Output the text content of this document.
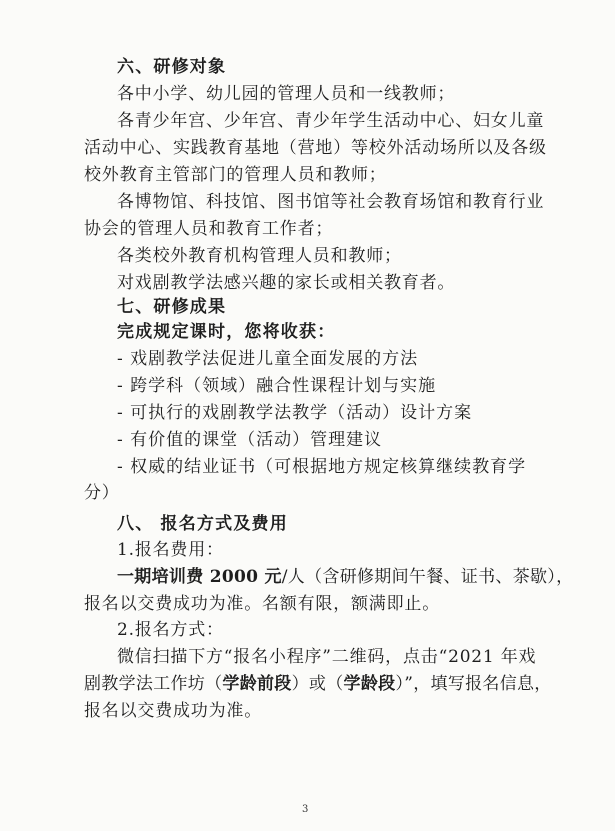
六、研修对象
各中小学、幼儿园的管理人员和一线教师；
各青少年宫、少年宫、青少年学生活动中心、妇女儿童
活动中心、实践教育基地（营地）等校外活动场所以及各级
校外教育主管部门的管理人员和教师；
各博物馆、科技馆、图书馆等社会教育场馆和教育行业
协会的管理人员和教育工作者；
各类校外教育机构管理人员和教师；
对戏剧教学法感兴趣的家长或相关教育者。
七、研修成果
完成规定课时，您将收获：
- 戏剧教学法促进儿童全面发展的方法
- 跨学科（领域）融合性课程计划与实施
- 可执行的戏剧教学法教学（活动）设计方案
- 有价值的课堂（活动）管理建议
- 权威的结业证书（可根据地方规定核算继续教育学
分）
八、 报名方式及费用
1.报名费用：
一期培训费 2000 元/人（含研修期间午餐、证书、茶歇），
报名以交费成功为准。名额有限，额满即止。
2.报名方式：
微信扫描下方“报名小程序”二维码，点击“2021 年戏
剧教学法工作坊（学龄前段）或（学龄段）”，填写报名信息，
报名以交费成功为准。
3
